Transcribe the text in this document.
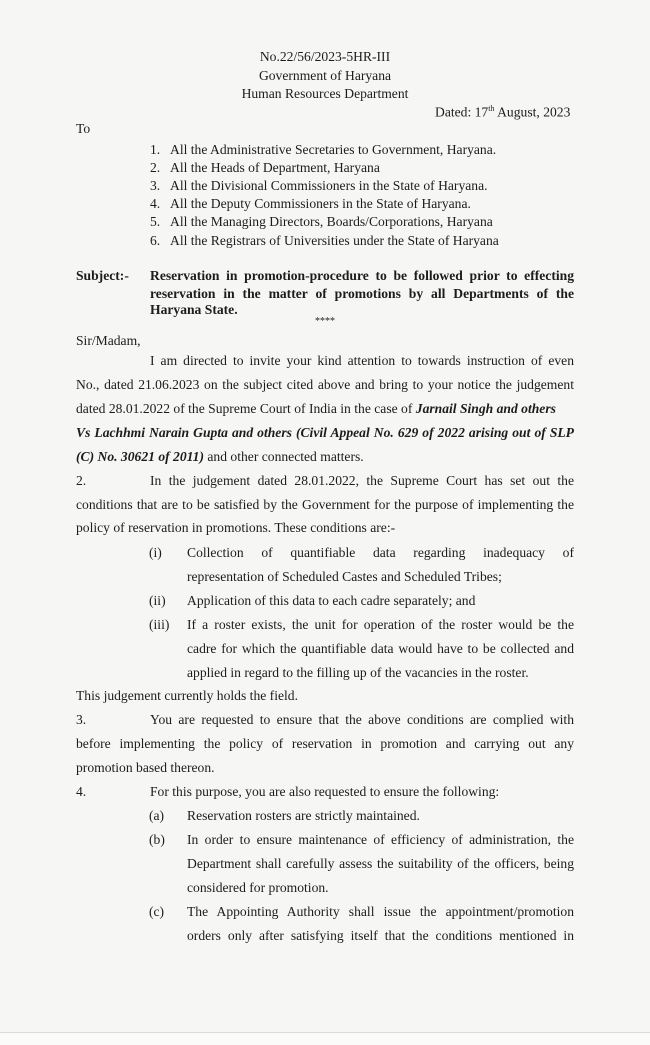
No.22/56/2023-5HR-III
Government of Haryana
Human Resources Department
Dated: 17th August, 2023
To
1. All the Administrative Secretaries to Government, Haryana.
2. All the Heads of Department, Haryana
3. All the Divisional Commissioners in the State of Haryana.
4. All the Deputy Commissioners in the State of Haryana.
5. All the Managing Directors, Boards/Corporations, Haryana
6. All the Registrars of Universities under the State of Haryana
Subject:- Reservation in promotion-procedure to be followed prior to effecting
reservation in the matter of promotions by all Departments of the
Haryana State.
****
Sir/Madam,
I am directed to invite your kind attention to towards instruction of even
No., dated 21.06.2023 on the subject cited above and bring to your notice the judgement
dated 28.01.2022 of the Supreme Court of India in the case of Jarnail Singh and others
Vs Lachhmi Narain Gupta and others (Civil Appeal No. 629 of 2022 arising out of SLP
(C) No. 30621 of 2011) and other connected matters.
2.	In the judgement dated 28.01.2022, the Supreme Court has set out the
conditions that are to be satisfied by the Government for the purpose of implementing the
policy of reservation in promotions. These conditions are:-
(i) Collection of quantifiable data regarding inadequacy of
representation of Scheduled Castes and Scheduled Tribes;
(ii) Application of this data to each cadre separately; and
(iii) If a roster exists, the unit for operation of the roster would be the
cadre for which the quantifiable data would have to be collected and
applied in regard to the filling up of the vacancies in the roster.
This judgement currently holds the field.
3.	You are requested to ensure that the above conditions are complied with
before implementing the policy of reservation in promotion and carrying out any
promotion based thereon.
4.	For this purpose, you are also requested to ensure the following:
(a) Reservation rosters are strictly maintained.
(b) In order to ensure maintenance of efficiency of administration, the
Department shall carefully assess the suitability of the officers, being
considered for promotion.
(c) The Appointing Authority shall issue the appointment/promotion
orders only after satisfying itself that the conditions mentioned in
